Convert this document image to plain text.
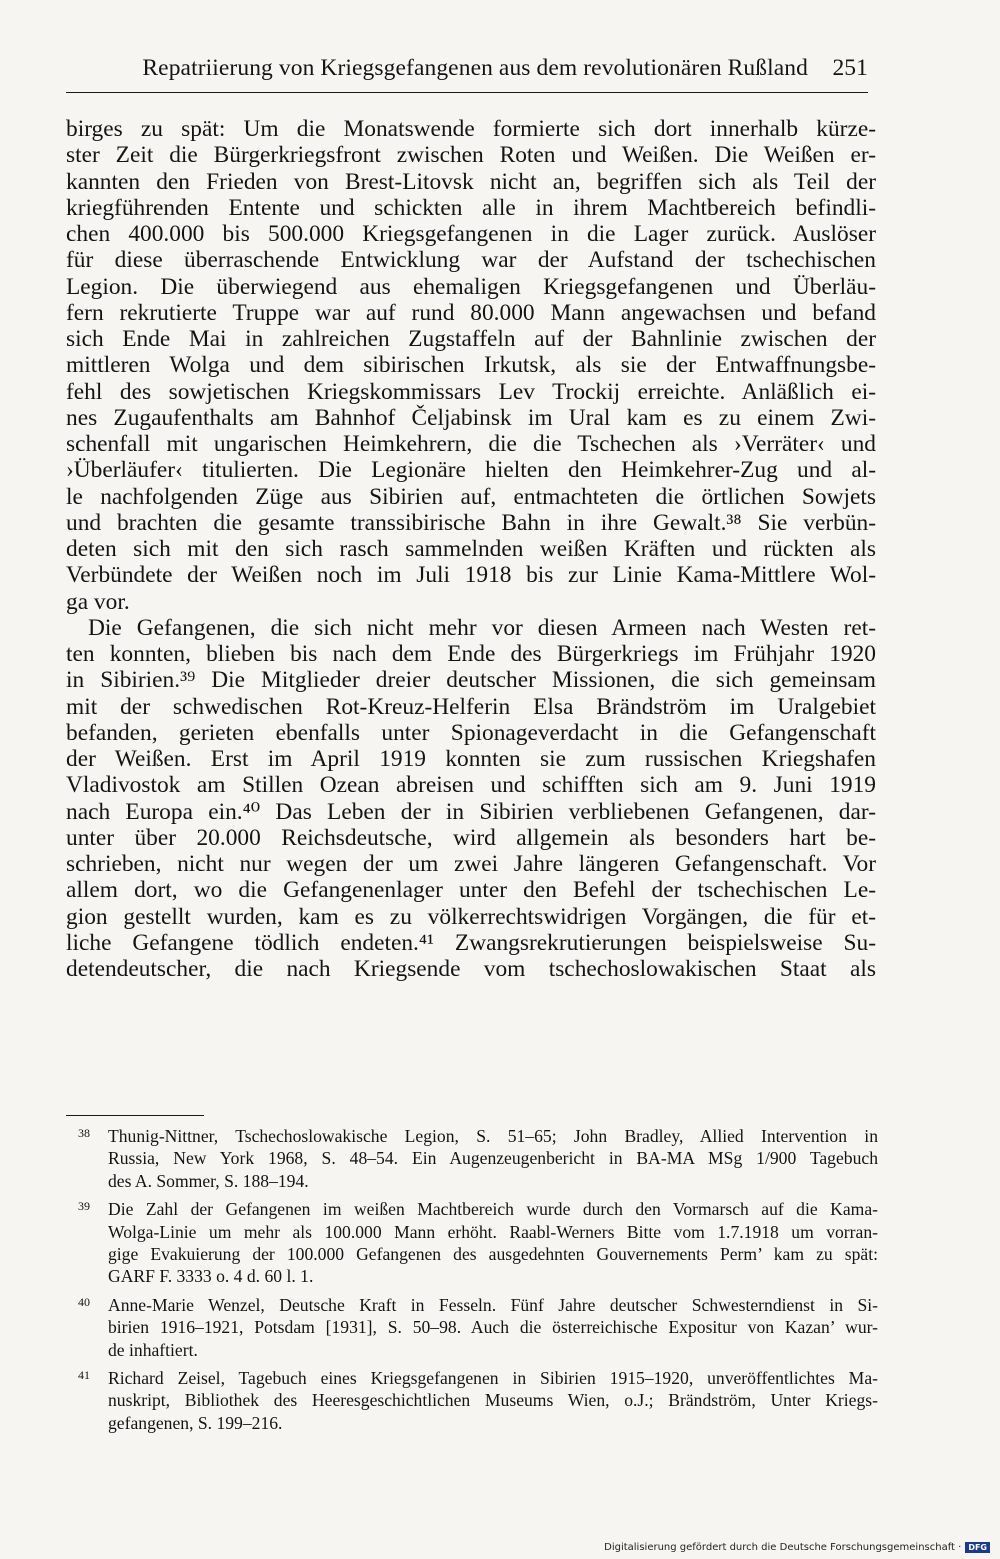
Repatriierung von Kriegsgefangenen aus dem revolutionären Rußland 251
birges zu spät: Um die Monatswende formierte sich dort innerhalb kürze-
ster Zeit die Bürgerkriegsfront zwischen Roten und Weißen. Die Weißen er-
kannten den Frieden von Brest-Litovsk nicht an, begriffen sich als Teil der
kriegführenden Entente und schickten alle in ihrem Machtbereich befindli-
chen 400.000 bis 500.000 Kriegsgefangenen in die Lager zurück. Auslöser
für diese überraschende Entwicklung war der Aufstand der tschechischen
Legion. Die überwiegend aus ehemaligen Kriegsgefangenen und Überläu-
fern rekrutierte Truppe war auf rund 80.000 Mann angewachsen und befand
sich Ende Mai in zahlreichen Zugstaffeln auf der Bahnlinie zwischen der
mittleren Wolga und dem sibirischen Irkutsk, als sie der Entwaffnungsbe-
fehl des sowjetischen Kriegskommissars Lev Trockij erreichte. Anläßlich ei-
nes Zugaufenthalts am Bahnhof Čeljabinsk im Ural kam es zu einem Zwi-
schenfall mit ungarischen Heimkehrern, die die Tschechen als ›Verräter‹ und
›Überläufer‹ titulierten. Die Legionäre hielten den Heimkehrer-Zug und al-
le nachfolgenden Züge aus Sibirien auf, entmachteten die örtlichen Sowjets
und brachten die gesamte transsibirische Bahn in ihre Gewalt.³⁸ Sie verbün-
deten sich mit den sich rasch sammelnden weißen Kräften und rückten als
Verbündete der Weißen noch im Juli 1918 bis zur Linie Kama-Mittlere Wol-
ga vor.
Die Gefangenen, die sich nicht mehr vor diesen Armeen nach Westen ret-
ten konnten, blieben bis nach dem Ende des Bürgerkriegs im Frühjahr 1920
in Sibirien.³⁹ Die Mitglieder dreier deutscher Missionen, die sich gemeinsam
mit der schwedischen Rot-Kreuz-Helferin Elsa Brändström im Uralgebiet
befanden, gerieten ebenfalls unter Spionageverdacht in die Gefangenschaft
der Weißen. Erst im April 1919 konnten sie zum russischen Kriegshafen
Vladivostok am Stillen Ozean abreisen und schifften sich am 9. Juni 1919
nach Europa ein.⁴⁰ Das Leben der in Sibirien verbliebenen Gefangenen, dar-
unter über 20.000 Reichsdeutsche, wird allgemein als besonders hart be-
schrieben, nicht nur wegen der um zwei Jahre längeren Gefangenschaft. Vor
allem dort, wo die Gefangenenlager unter den Befehl der tschechischen Le-
gion gestellt wurden, kam es zu völkerrechtswidrigen Vorgängen, die für et-
liche Gefangene tödlich endeten.⁴¹ Zwangsrekrutierungen beispielsweise Su-
detendeutscher, die nach Kriegsende vom tschechoslowakischen Staat als
38 Thunig-Nittner, Tschechoslowakische Legion, S. 51–65; John Bradley, Allied Intervention in
Russia, New York 1968, S. 48–54. Ein Augenzeugenbericht in BA-MA MSg 1/900 Tagebuch
des A. Sommer, S. 188–194.
39 Die Zahl der Gefangenen im weißen Machtbereich wurde durch den Vormarsch auf die Kama-
Wolga-Linie um mehr als 100.000 Mann erhöht. Raabl-Werners Bitte vom 1.7.1918 um vorran-
gige Evakuierung der 100.000 Gefangenen des ausgedehnten Gouvernements Perm’ kam zu spät:
GARF F. 3333 o. 4 d. 60 l. 1.
40 Anne-Marie Wenzel, Deutsche Kraft in Fesseln. Fünf Jahre deutscher Schwesterndienst in Si-
birien 1916–1921, Potsdam [1931], S. 50–98. Auch die österreichische Expositur von Kazan’ wur-
de inhaftiert.
41 Richard Zeisel, Tagebuch eines Kriegsgefangenen in Sibirien 1915–1920, unveröffentlichtes Ma-
nuskript, Bibliothek des Heeresgeschichtlichen Museums Wien, o.J.; Brändström, Unter Kriegs-
gefangenen, S. 199–216.
Digitalisierung gefördert durch die Deutsche Forschungsgemeinschaft · DFG
